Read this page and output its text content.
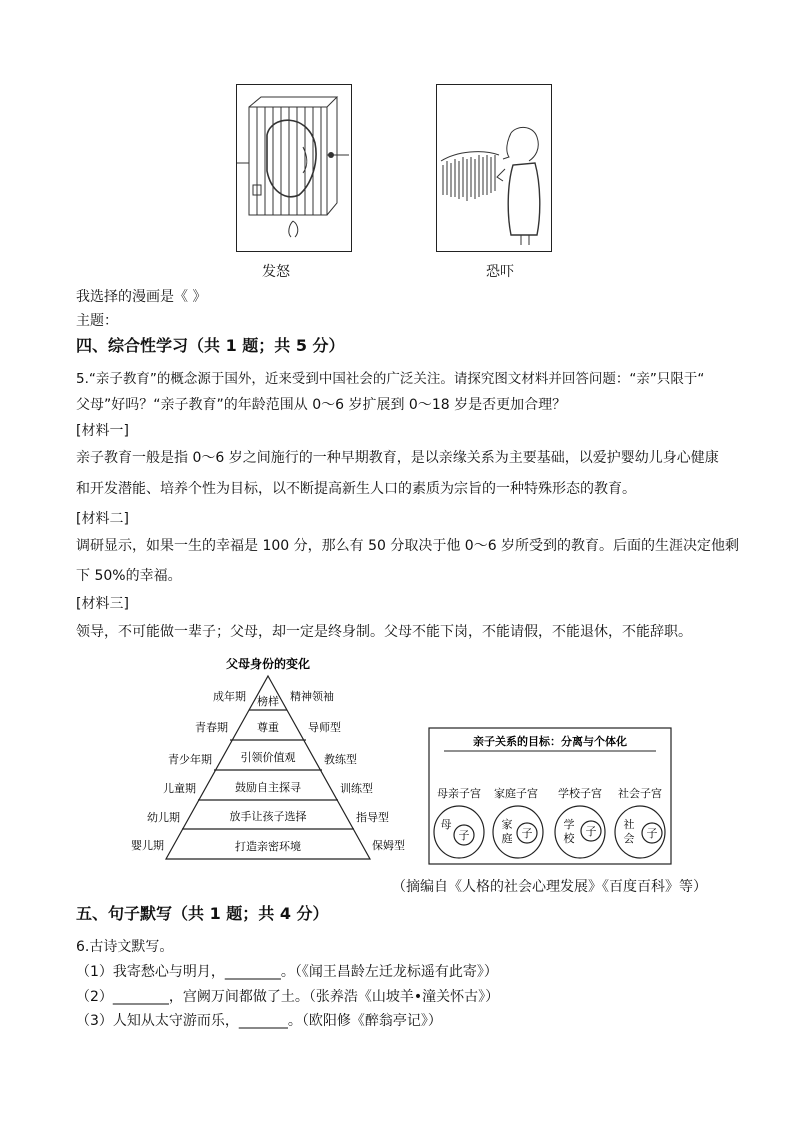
发怒	恐吓
我选择的漫画是《 》
主题：
四、综合性学习（共 1 题；共 5 分）
5.“亲子教育”的概念源于国外，近来受到中国社会的广泛关注。请探究图文材料并回答问题：“亲”只限于“
父母”好吗？“亲子教育”的年龄范围从 0～6 岁扩展到 0～18 岁是否更加合理？
[材料一]
亲子教育一般是指 0～6 岁之间施行的一种早期教育，是以亲缘关系为主要基础，以爱护婴幼儿身心健康
和开发潜能、培养个性为目标，以不断提高新生人口的素质为宗旨的一种特殊形态的教育。
[材料二]
调研显示，如果一生的幸福是 100 分，那么有 50 分取决于他 0～6 岁所受到的教育。后面的生涯决定他剩
下 50%的幸福。
[材料三]
领导，不可能做一辈子；父母，却一定是终身制。父母不能下岗，不能请假，不能退休，不能辞职。
父母身份的变化
榜样
尊重
引领价值观
鼓励自主探寻
放手让孩子选择
打造亲密环境
成年期
青春期
青少年期
儿童期
幼儿期
婴儿期
精神领袖
导师型
教练型
训练型
指导型
保姆型
亲子关系的目标：分离与个体化
母亲子宫
母
子
家庭子宫
家
庭 子
学校子宫
学
校
子
社会子宫
社
会 子
（摘编自《人格的社会心理发展》《百度百科》等）
五、句子默写（共 1 题；共 4 分）
6.古诗文默写。
（1）我寄愁心与明月，________。（《闻王昌龄左迁龙标遥有此寄》）
（2）________，宫阙万间都做了土。（张养浩《山坡羊•潼关怀古》）
（3）人知从太守游而乐，_______。（欧阳修《醉翁亭记》）
